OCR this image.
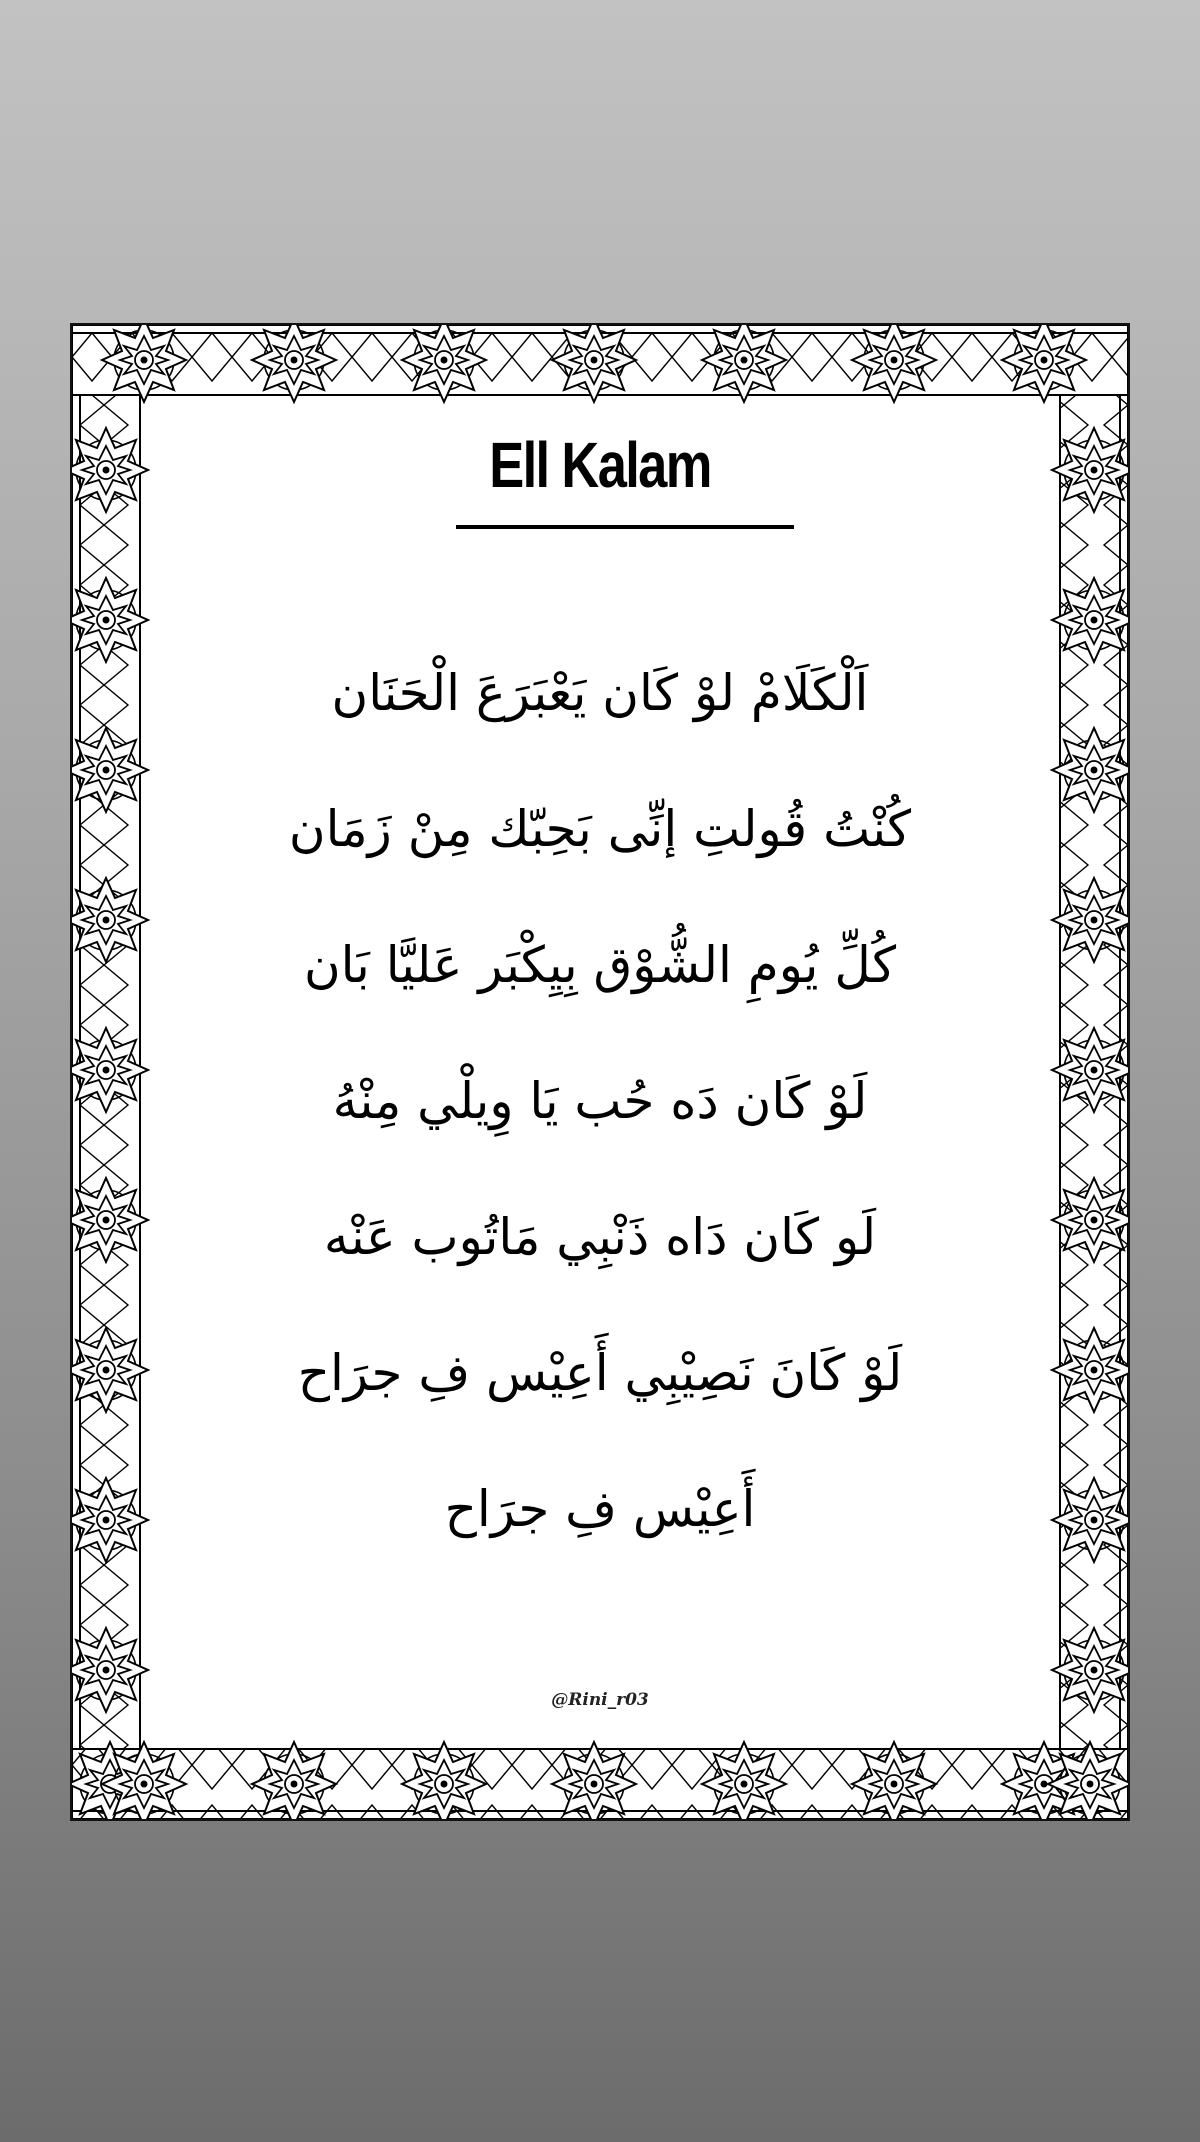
Ell Kalam
اَلْكَلَامْ لوْ كَان يَعْبَرَعَ الْحَنَان
كُنْتُ قُولتِ إنِّى بَحِبّك مِنْ زَمَان
كُلِّ يُومِ الشُّوْق بِيِكْبَر عَليَّا بَان
لَوْ كَان دَه حُب يَا وِيلْي مِنْهُ
لَو كَان دَاه ذَنْبِي مَاتُوب عَنْه
لَوْ كَانَ نَصِيْبِي أَعِيْس فِ جرَاح
أَعِيْس فِ جرَاح
@Rini_r03
